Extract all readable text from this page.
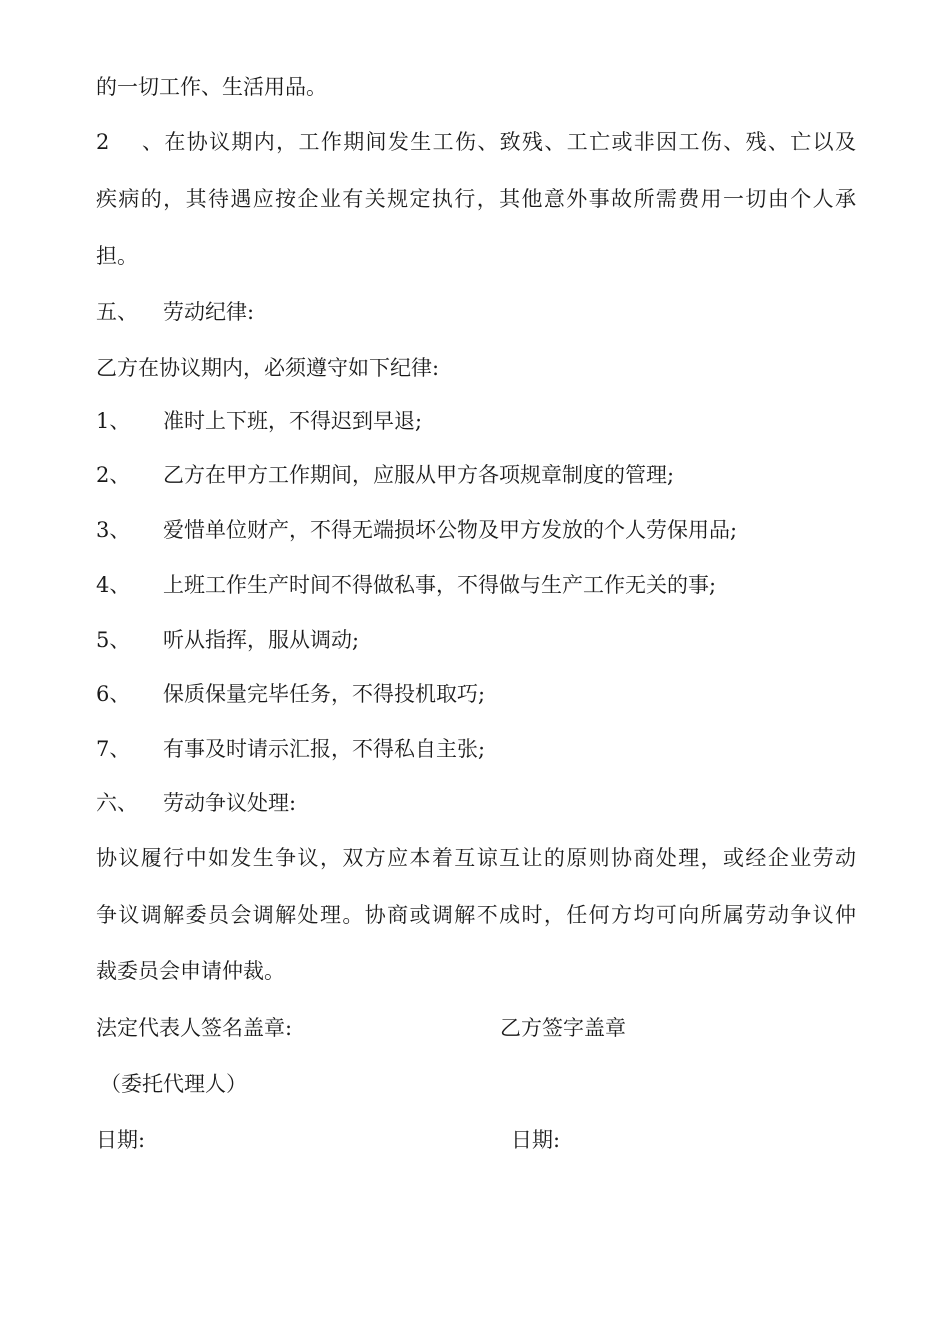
的一切工作、生活用品。
2、在协议期内，工作期间发生工伤、致残、工亡或非因工伤、残、亡以及
疾病的，其待遇应按企业有关规定执行，其他意外事故所需费用一切由个人承
担。
五、 劳动纪律:
乙方在协议期内，必须遵守如下纪律:
1、 准时上下班，不得迟到早退;
2、 乙方在甲方工作期间，应服从甲方各项规章制度的管理;
3、 爱惜单位财产，不得无端损坏公物及甲方发放的个人劳保用品;
4、 上班工作生产时间不得做私事，不得做与生产工作无关的事;
5、 听从指挥，服从调动;
6、 保质保量完毕任务，不得投机取巧;
7、 有事及时请示汇报，不得私自主张;
六、 劳动争议处理:
协议履行中如发生争议，双方应本着互谅互让的原则协商处理，或经企业劳动
争议调解委员会调解处理。协商或调解不成时，任何方均可向所属劳动争议仲
裁委员会申请仲裁。
法定代表人签名盖章:	乙方签字盖章
（委托代理人）
日期:	日期:
